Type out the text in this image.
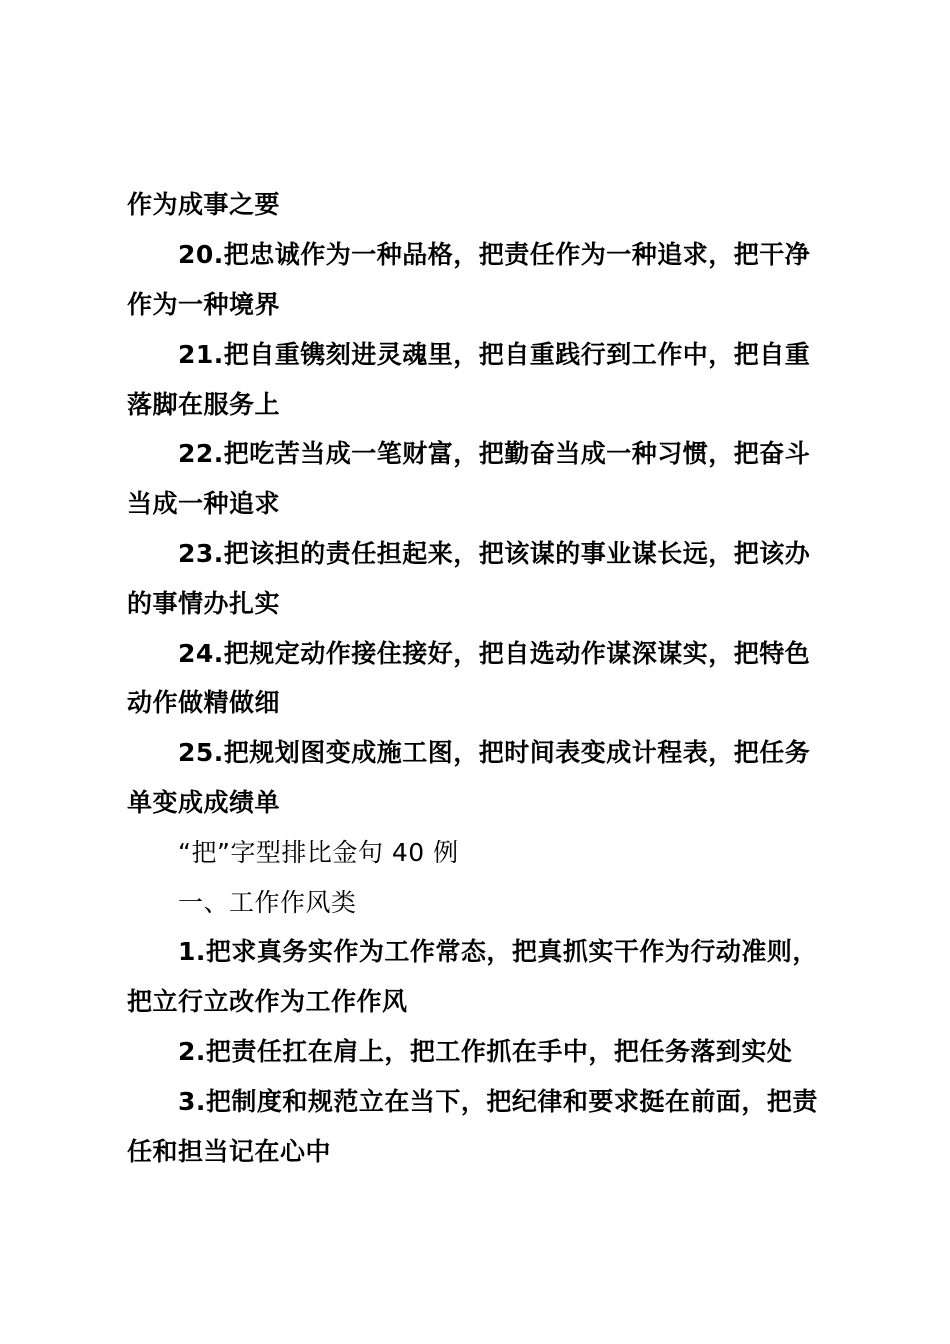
作为成事之要
20.把忠诚作为一种品格，把责任作为一种追求，把干净
作为一种境界
21.把自重镌刻进灵魂里，把自重践行到工作中，把自重
落脚在服务上
22.把吃苦当成一笔财富，把勤奋当成一种习惯，把奋斗
当成一种追求
23.把该担的责任担起来，把该谋的事业谋长远，把该办
的事情办扎实
24.把规定动作接住接好，把自选动作谋深谋实，把特色
动作做精做细
25.把规划图变成施工图，把时间表变成计程表，把任务
单变成成绩单
“把”字型排比金句 40 例
一、工作作风类
1.把求真务实作为工作常态，把真抓实干作为行动准则，
把立行立改作为工作作风
2.把责任扛在肩上，把工作抓在手中，把任务落到实处
3.把制度和规范立在当下，把纪律和要求挺在前面，把责
任和担当记在心中
